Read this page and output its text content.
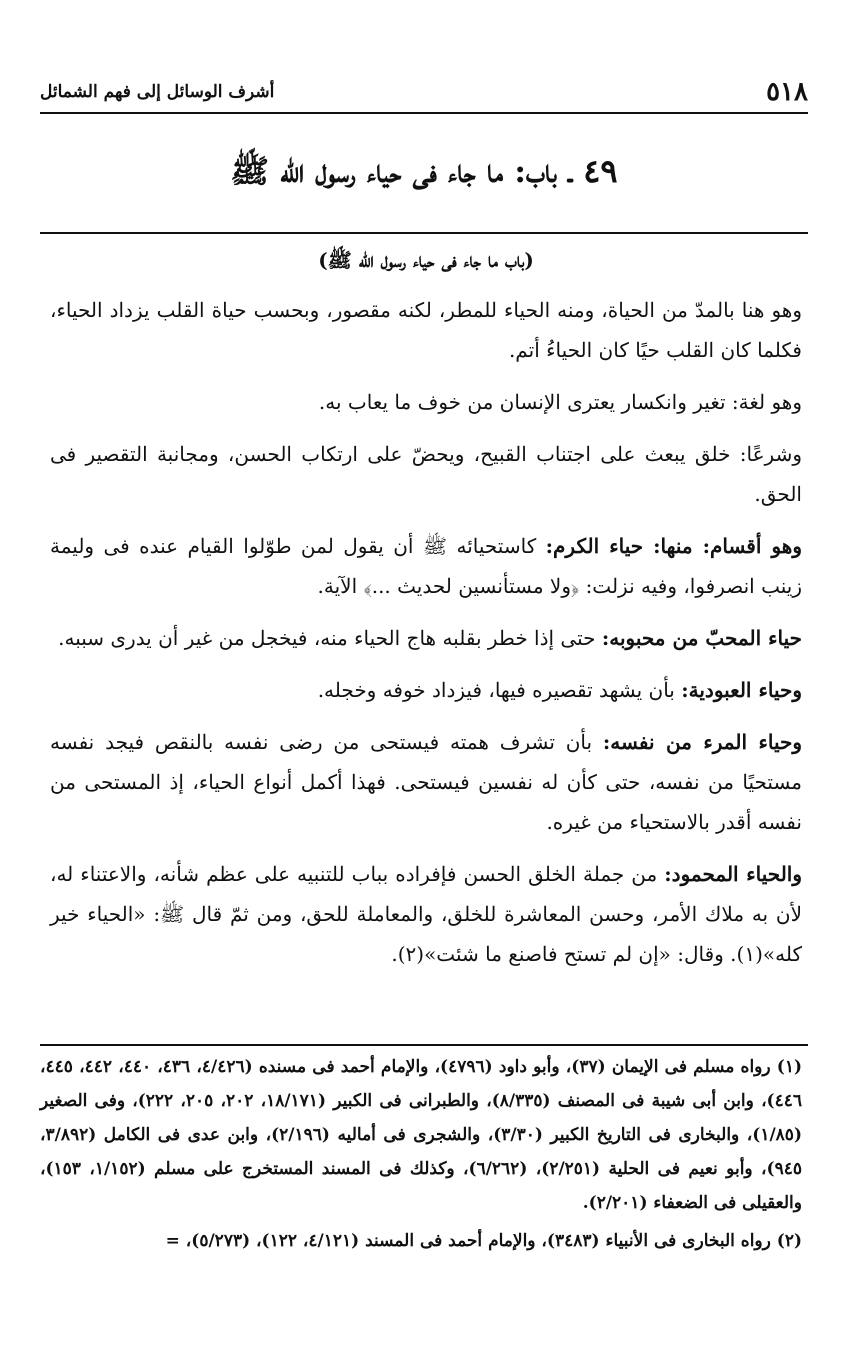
٥١٨
أشرف الوسائل إلى فهم الشمائل
٤٩ ـ باب: ما جاء فى حياء رسول الله ﷺ
(باب ما جاء فى حياء رسول الله ﷺ)

وهو هنا بالمدّ من الحياة، ومنه الحياء للمطر، لكنه مقصور، وبحسب حياة القلب يزداد الحياء، فكلما كان القلب حيًا كان الحياءُ أتم.

وهو لغة: تغير وانكسار يعترى الإنسان من خوف ما يعاب به.

وشرعًا: خلق يبعث على اجتناب القبيح، ويحضّ على ارتكاب الحسن، ومجانبة التقصير فى الحق.

وهو أقسام: منها: حياء الكرم: كاستحيائه ﷺ أن يقول لمن طوّلوا القيام عنده فى وليمة زينب انصرفوا، وفيه نزلت: ﴿ولا مستأنسين لحديث ...﴾ الآية.

حياء المحبّ من محبوبه: حتى إذا خطر بقلبه هاج الحياء منه، فيخجل من غير أن يدرى سببه.

وحياء العبودية: بأن يشهد تقصيره فيها، فيزداد خوفه وخجله.

وحياء المرء من نفسه: بأن تشرف همته فيستحى من رضى نفسه بالنقص فيجد نفسه مستحيًا من نفسه، حتى كأن له نفسين فيستحى. فهذا أكمل أنواع الحياء، إذ المستحى من نفسه أقدر بالاستحياء من غيره.

والحياء المحمود: من جملة الخلق الحسن فإفراده بباب للتنبيه على عظم شأنه، والاعتناء له، لأن به ملاك الأمر، وحسن المعاشرة للخلق، والمعاملة للحق، ومن ثمّ قال ﷺ: «الحياء خير كله»(١). وقال: «إن لم تستح فاصنع ما شئت»(٢).

(١) رواه مسلم فى الإيمان (٣٧)، وأبو داود (٤٧٩٦)، والإمام أحمد فى مسنده (٤/٤٢٦، ٤٣٦، ٤٤٠، ٤٤٢، ٤٤٥، ٤٤٦)، وابن أبى شيبة فى المصنف (٨/٣٣٥)، والطبرانى فى الكبير (١٨/١٧١، ٢٠٢، ٢٠٥، ٢٢٢)، وفى الصغير (١/٨٥)، والبخارى فى التاريخ الكبير (٣/٣٠)، والشجرى فى أماليه (٢/١٩٦)، وابن عدى فى الكامل (٣/٨٩٢، ٩٤٥)، وأبو نعيم فى الحلية (٢/٢٥١)، (٦/٢٦٢)، وكذلك فى المسند المستخرج على مسلم (١/١٥٢، ١٥٣)، والعقيلى فى الضعفاء (٢/٢٠١).

(٢) رواه البخارى فى الأنبياء (٣٤٨٣)، والإمام أحمد فى المسند (٤/١٢١، ١٢٢)، (٥/٢٧٣)، =
